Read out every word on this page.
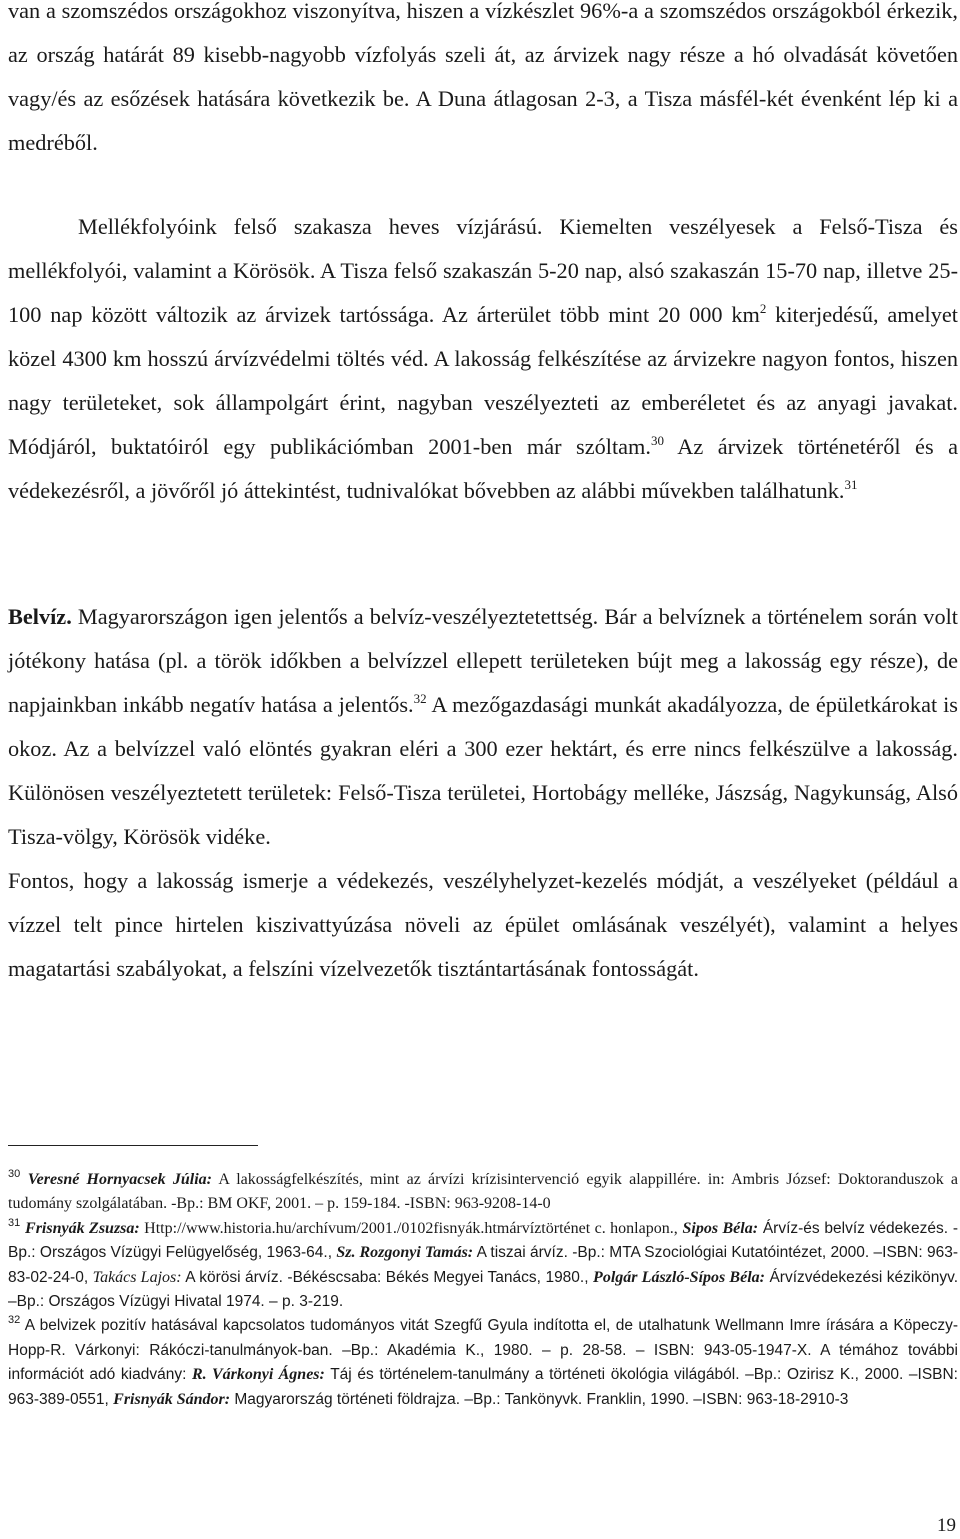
van a szomszédos országokhoz viszonyítva, hiszen a vízkészlet 96%-a a szomszédos országokból érkezik, az ország határát 89 kisebb-nagyobb vízfolyás szeli át, az árvizek nagy része a hó olvadását követően vagy/és az esőzések hatására következik be. A Duna átlagosan 2-3, a Tisza másfél-két évenként lép ki a medréből.

Mellékfolyóink felső szakasza heves vízjárású. Kiemelten veszélyesek a Felső-Tisza és mellékfolyói, valamint a Körösök. A Tisza felső szakaszán 5-20 nap, alsó szakaszán 15-70 nap, illetve 25-100 nap között változik az árvizek tartóssága. Az árterület több mint 20 000 $km^2$ kiterjedésű, amelyet közel 4300 km hosszú árvízvédelmi töltés véd. A lakosság felkészítése az árvizekre nagyon fontos, hiszen nagy területeket, sok állampolgárt érint, nagyban veszélyezteti az emberéletet és az anyagi javakat. Módjáról, buktatóiról egy publikációmban 2001-ben már szóltam.$^{30}$ Az árvizek történetéről és a védekezésről, a jövőről jó áttekintést, tudnivalókat bővebben az alábbi művekben találhatunk.$^{31}$

Belvíz. Magyarországon igen jelentős a belvíz-veszélyeztetettség. Bár a belvíznek a történelem során volt jótékony hatása (pl. a török időkben a belvízzel ellepett területeken bújt meg a lakosság egy része), de napjainkban inkább negatív hatása a jelentős.$^{32}$ A mezőgazdasági munkát akadályozza, de épületkárokat is okoz. Az a belvízzel való elöntés gyakran eléri a 300 ezer hektárt, és erre nincs felkészülve a lakosság. Különösen veszélyeztetett területek: Felső-Tisza területei, Hortobágy melléke, Jászság, Nagykunság, Alsó Tisza-völgy, Körösök vidéke.

Fontos, hogy a lakosság ismerje a védekezés, veszélyhelyzet-kezelés módját, a veszélyeket (például a vízzel telt pince hirtelen kiszivattyúzása növeli az épület omlásának veszélyét), valamint a helyes magatartási szabályokat, a felszíni vízelvezetők tisztántartásának fontosságát.

$^{30}$ Veresné Hornyacsek Júlia: A lakosságfelkészítés, mint az árvízi krízisintervenció egyik alappillére. in: Ambris József: Doktoranduszok a tudomány szolgálatában. -Bp.: BM OKF, 2001. – p. 159-184. -ISBN: 963-9208-14-0

$^{31}$ Frisnyák Zsuzsa: Http://www.historia.hu/archívum/2001./0102fisnyák.htmárvíztörténet c. honlapon., Sipos Béla: Árvíz-és belvíz védekezés. -Bp.: Országos Vízügyi Felügyelőség, 1963-64., Sz. Rozgonyi Tamás: A tiszai árvíz. -Bp.: MTA Szociológiai Kutatóintézet, 2000. –ISBN: 963-83-02-24-0, Takács Lajos: A körösi árvíz. -Békéscsaba: Békés Megyei Tanács, 1980., Polgár László-Sípos Béla: Árvízvédekezési kézikönyv. –Bp.: Országos Vízügyi Hivatal 1974. – p. 3-219.

$^{32}$ A belvizek pozitív hatásával kapcsolatos tudományos vitát Szegfű Gyula indította el, de utalhatunk Wellmann Imre írására a Köpeczy-Hopp-R. Várkonyi: Rákóczi-tanulmányok-ban. –Bp.: Akadémia K., 1980. – p. 28-58. – ISBN: 943-05-1947-X. A témához további információt adó kiadvány: R. Várkonyi Ágnes: Táj és történelem-tanulmány a történeti ökológia világából. –Bp.: Ozirisz K., 2000. –ISBN: 963-389-0551, Frisnyák Sándor: Magyarország történeti földrajza. –Bp.: Tankönyvk. Franklin, 1990. –ISBN: 963-18-2910-3

19
